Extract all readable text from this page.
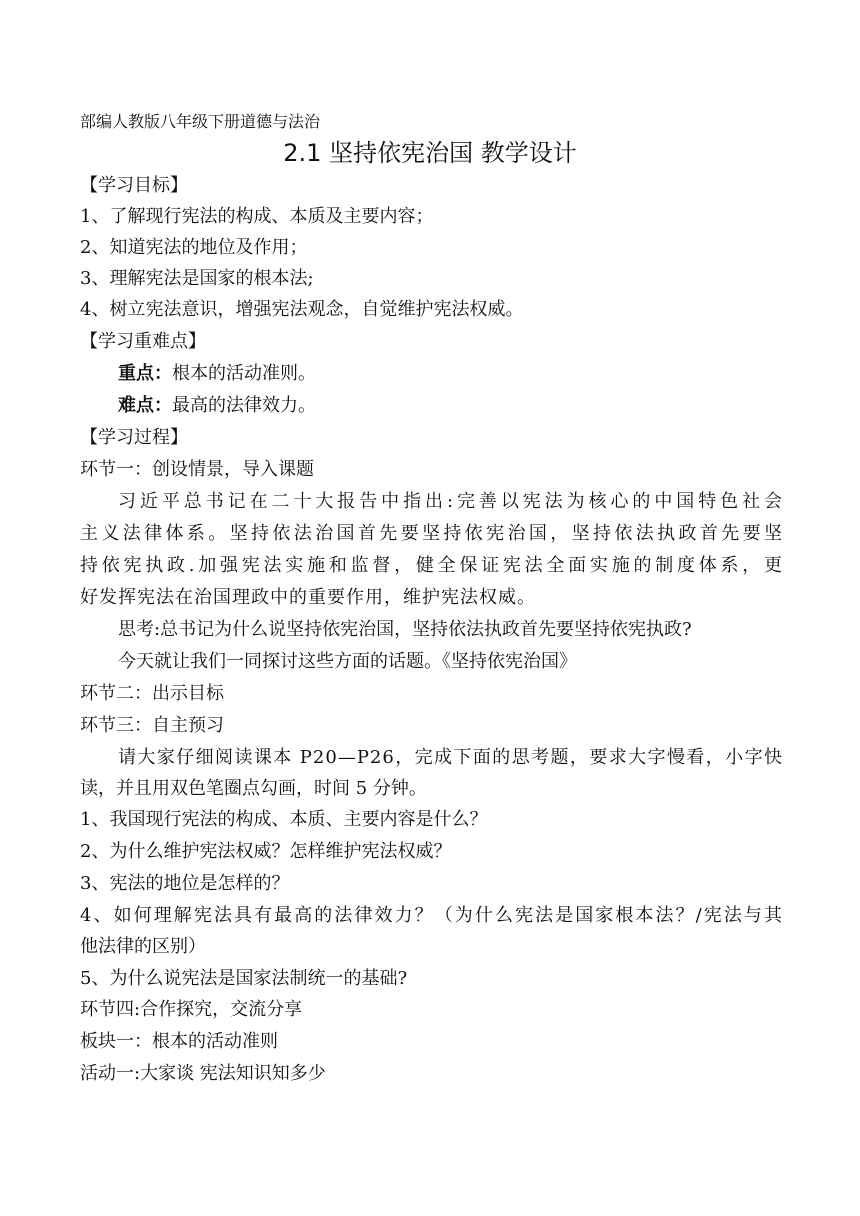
部编人教版八年级下册道德与法治
2.1 坚持依宪治国 教学设计
【学习目标】
1、了解现行宪法的构成、本质及主要内容；
2、知道宪法的地位及作用；
3、理解宪法是国家的根本法;
4、树立宪法意识，增强宪法观念，自觉维护宪法权威。
【学习重难点】
重点：根本的活动准则。
难点：最高的法律效力。
【学习过程】
环节一：创设情景，导入课题
习近平总书记在二十大报告中指出:完善以宪法为核心的中国特色社会
主义法律体系。坚持依法治国首先要坚持依宪治国，坚持依法执政首先要坚
持依宪执政.加强宪法实施和监督，健全保证宪法全面实施的制度体系，更
好发挥宪法在治国理政中的重要作用，维护宪法权威。
思考:总书记为什么说坚持依宪治国，坚持依法执政首先要坚持依宪执政?
今天就让我们一同探讨这些方面的话题。《坚持依宪治国》
环节二：出示目标
环节三：自主预习
请大家仔细阅读课本 P20—P26，完成下面的思考题，要求大字慢看，小字快
读，并且用双色笔圈点勾画，时间 5 分钟。
1、我国现行宪法的构成、本质、主要内容是什么？
2、为什么维护宪法权威？怎样维护宪法权威？
3、宪法的地位是怎样的？
4、如何理解宪法具有最高的法律效力？（为什么宪法是国家根本法？/宪法与其
他法律的区别）
5、为什么说宪法是国家法制统一的基础?
环节四:合作探究，交流分享
板块一：根本的活动准则
活动一:大家谈 宪法知识知多少
